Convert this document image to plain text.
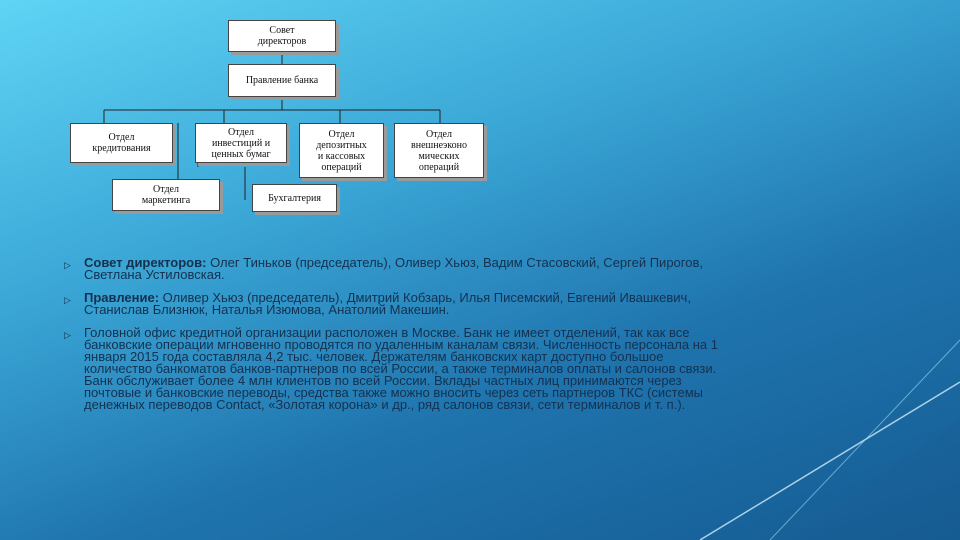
Совет
директоров
Правление банка
Отдел
кредитования
Отдел
инвестиций и
ценных бумаг
Отдел
депозитных
и кассовых
операций
Отдел
внешнеэконо
мических
операций
Отдел
маркетинга	Бухгалтерия
▷	Совет директоров: Олег Тиньков (председатель), Оливер Хьюз, Вадим Стасовский, Сергей Пирогов, Светлана Устиловская.
▷	Правление: Оливер Хьюз (председатель), Дмитрий Кобзарь, Илья Писемский, Евгений Ивашкевич, Станислав Близнюк, Наталья Изюмова, Анатолий Макешин.
▷	Головной офис кредитной организации расположен в Москве. Банк не имеет отделений, так как все банковские операции мгновенно проводятся по удаленным каналам связи. Численность персонала на 1 января 2015 года составляла 4,2 тыс. человек. Держателям банковских карт доступно большое количество банкоматов банков-партнеров по всей России, а также терминалов оплаты и салонов связи. Банк обслуживает более 4 млн клиентов по всей России. Вклады частных лиц принимаются через почтовые и банковские переводы, средства также можно вносить через сеть партнеров ТКС (системы денежных переводов Contact, «Золотая корона» и др., ряд салонов связи, сети терминалов и т. п.).
